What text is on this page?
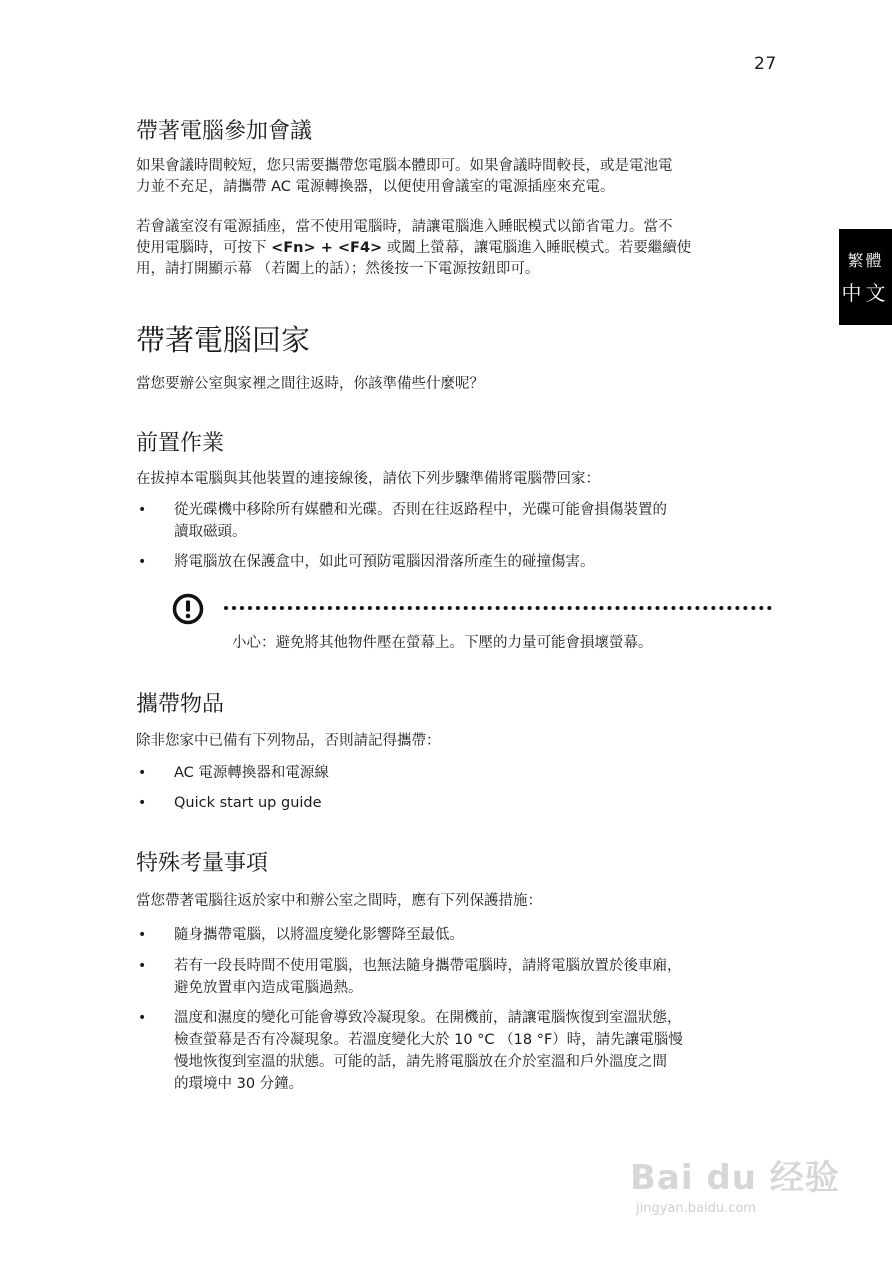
27
繁體
中文
帶著電腦參加會議
如果會議時間較短，您只需要攜帶您電腦本體即可。如果會議時間較長，或是電池電
力並不充足，請攜帶 AC 電源轉換器，以便使用會議室的電源插座來充電。
若會議室沒有電源插座，當不使用電腦時，請讓電腦進入睡眠模式以節省電力。當不
使用電腦時，可按下 <Fn> + <F4> 或闔上螢幕，讓電腦進入睡眠模式。若要繼續使
用，請打開顯示幕 （若闔上的話）；然後按一下電源按鈕即可。
帶著電腦回家
當您要辦公室與家裡之間往返時，你該準備些什麼呢？
前置作業
在拔掉本電腦與其他裝置的連接線後，請依下列步驟準備將電腦帶回家：
• 從光碟機中移除所有媒體和光碟。否則在往返路程中，光碟可能會損傷裝置的
讀取磁頭。
• 將電腦放在保護盒中，如此可預防電腦因滑落所產生的碰撞傷害。
小心：避免將其他物件壓在螢幕上。下壓的力量可能會損壞螢幕。
攜帶物品
除非您家中已備有下列物品，否則請記得攜帶：
• AC 電源轉換器和電源線
• Quick start up guide
特殊考量事項
當您帶著電腦往返於家中和辦公室之間時，應有下列保護措施：
• 隨身攜帶電腦，以將溫度變化影響降至最低。
• 若有一段長時間不使用電腦，也無法隨身攜帶電腦時，請將電腦放置於後車廂，
避免放置車內造成電腦過熱。
• 溫度和濕度的變化可能會導致冷凝現象。在開機前，請讓電腦恢復到室溫狀態，
檢查螢幕是否有冷凝現象。若溫度變化大於 10 °C （18 °F）時，請先讓電腦慢
慢地恢復到室溫的狀態。可能的話，請先將電腦放在介於室溫和戶外溫度之間
的環境中 30 分鐘。
Bai du 经验
jingyan.baidu.com
